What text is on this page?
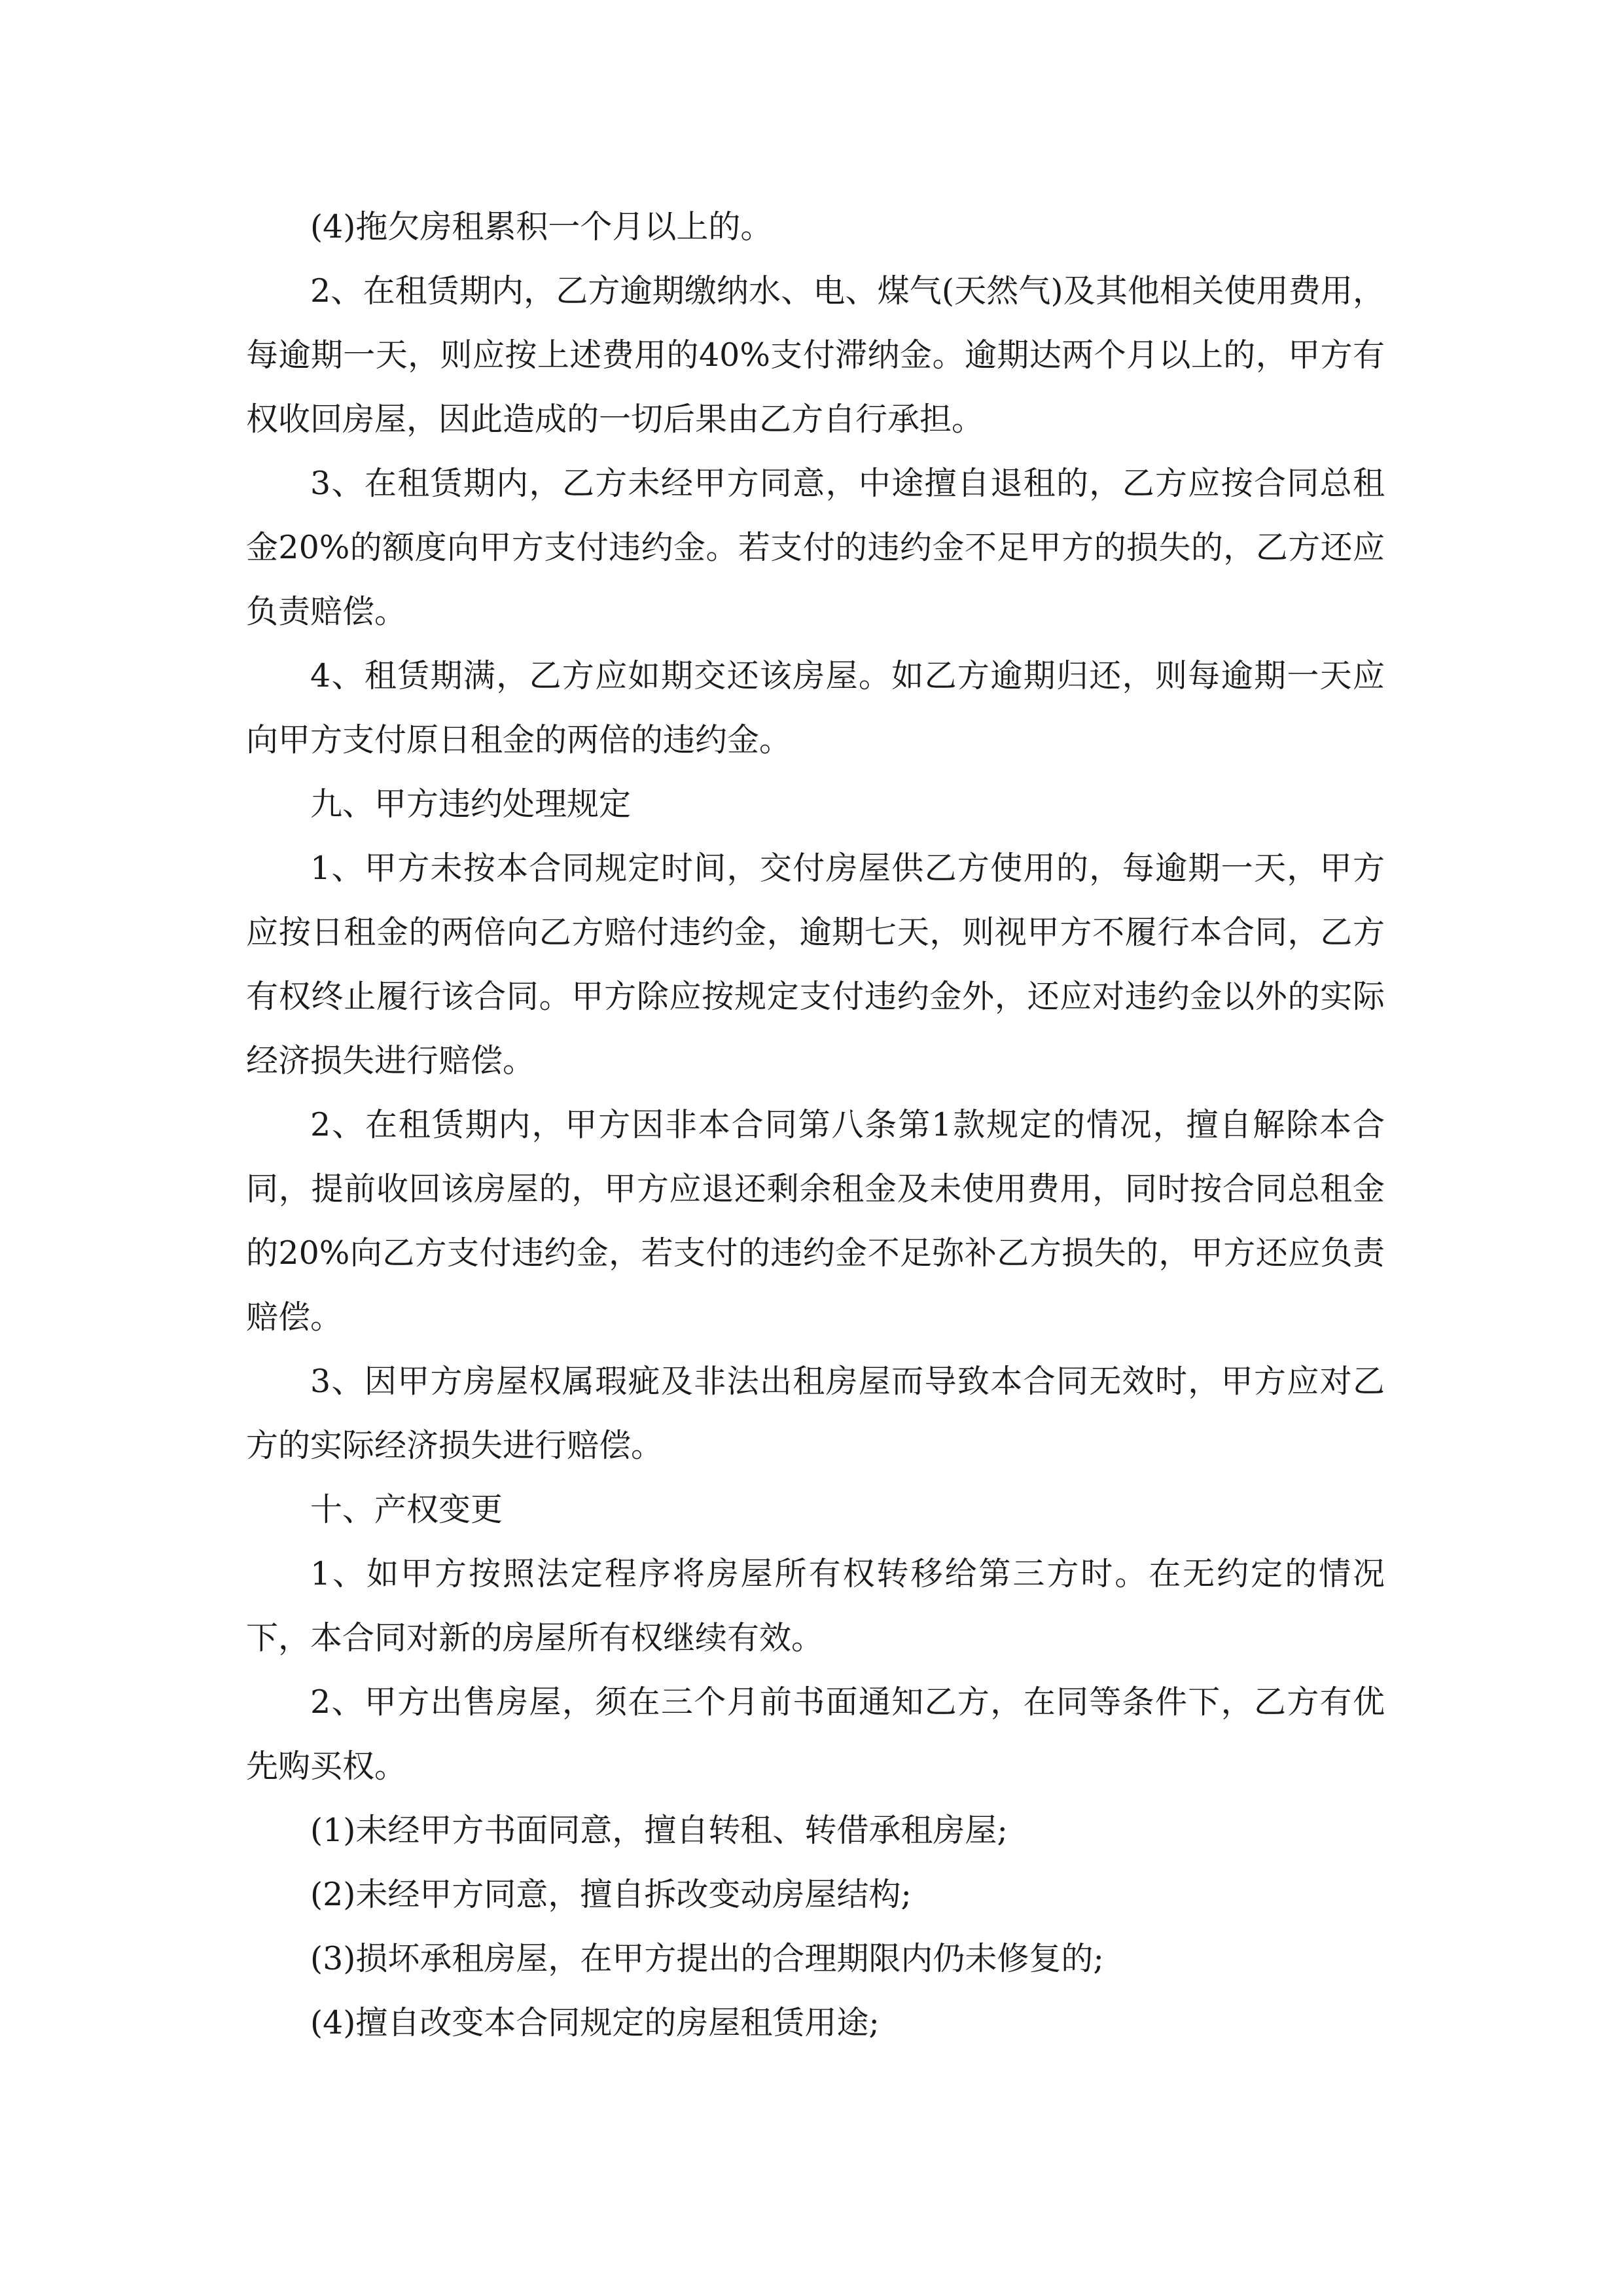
(4)拖欠房租累积一个月以上的。

2、在租赁期内，乙方逾期缴纳水、电、煤气(天然气)及其他相关使用费用，每逾期一天，则应按上述费用的40%支付滞纳金。逾期达两个月以上的，甲方有权收回房屋，因此造成的一切后果由乙方自行承担。

3、在租赁期内，乙方未经甲方同意，中途擅自退租的，乙方应按合同总租金20%的额度向甲方支付违约金。若支付的违约金不足甲方的损失的，乙方还应负责赔偿。

4、租赁期满，乙方应如期交还该房屋。如乙方逾期归还，则每逾期一天应向甲方支付原日租金的两倍的违约金。

九、甲方违约处理规定

1、甲方未按本合同规定时间，交付房屋供乙方使用的，每逾期一天，甲方应按日租金的两倍向乙方赔付违约金，逾期七天，则视甲方不履行本合同，乙方有权终止履行该合同。甲方除应按规定支付违约金外，还应对违约金以外的实际经济损失进行赔偿。

2、在租赁期内，甲方因非本合同第八条第1款规定的情况，擅自解除本合同，提前收回该房屋的，甲方应退还剩余租金及未使用费用，同时按合同总租金的20%向乙方支付违约金，若支付的违约金不足弥补乙方损失的，甲方还应负责赔偿。

3、因甲方房屋权属瑕疵及非法出租房屋而导致本合同无效时，甲方应对乙方的实际经济损失进行赔偿。

十、产权变更

1、如甲方按照法定程序将房屋所有权转移给第三方时。在无约定的情况下，本合同对新的房屋所有权继续有效。

2、甲方出售房屋，须在三个月前书面通知乙方，在同等条件下，乙方有优先购买权。

(1)未经甲方书面同意，擅自转租、转借承租房屋;

(2)未经甲方同意，擅自拆改变动房屋结构;

(3)损坏承租房屋，在甲方提出的合理期限内仍未修复的;

(4)擅自改变本合同规定的房屋租赁用途;
